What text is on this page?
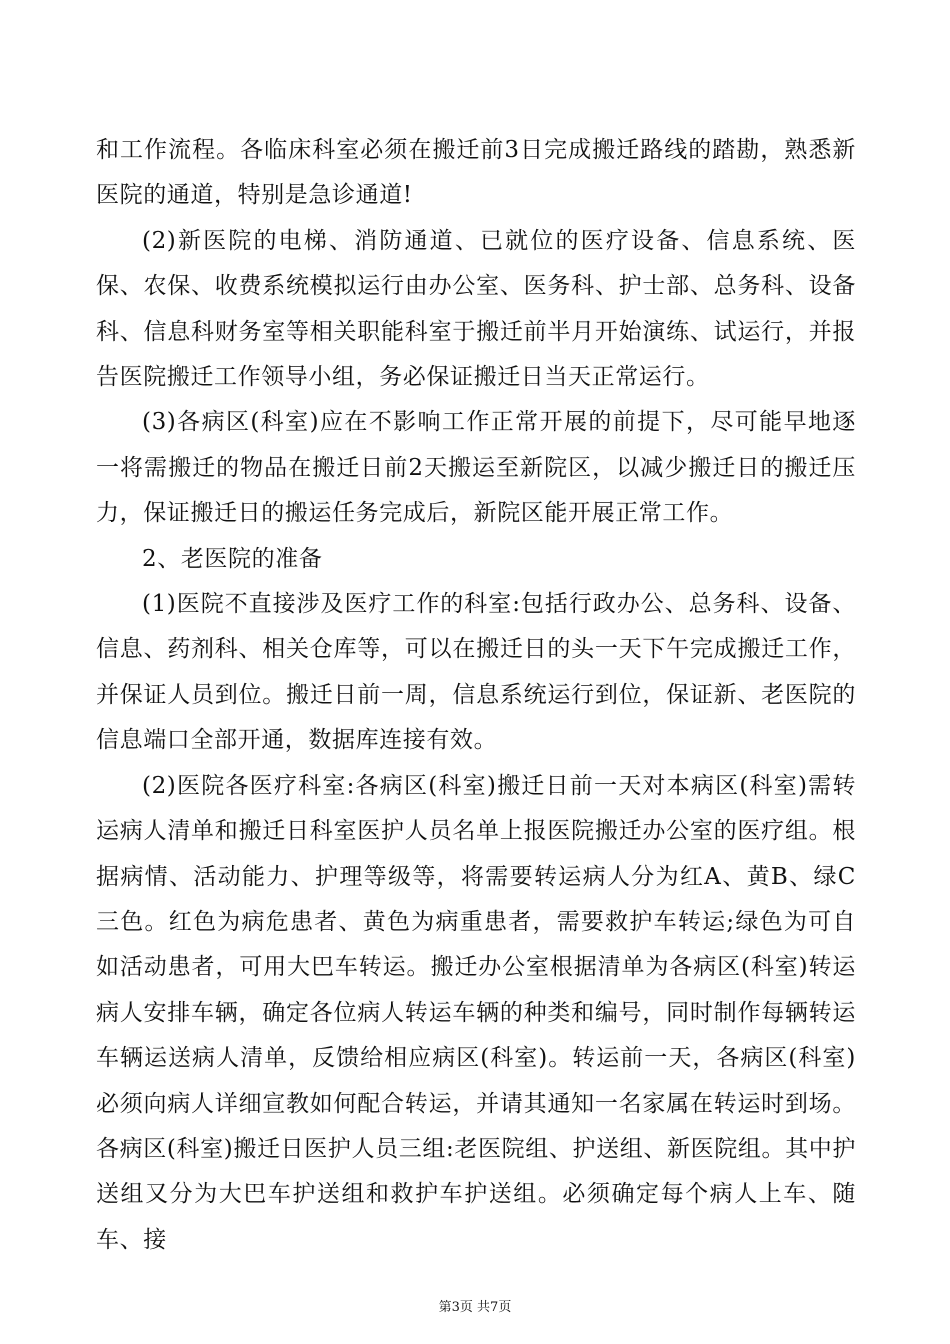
和工作流程。各临床科室必须在搬迁前3日完成搬迁路线的踏勘，熟悉新医院的通道，特别是急诊通道!

(2)新医院的电梯、消防通道、已就位的医疗设备、信息系统、医保、农保、收费系统模拟运行由办公室、医务科、护士部、总务科、设备科、信息科财务室等相关职能科室于搬迁前半月开始演练、试运行，并报告医院搬迁工作领导小组，务必保证搬迁日当天正常运行。

(3)各病区(科室)应在不影响工作正常开展的前提下，尽可能早地逐一将需搬迁的物品在搬迁日前2天搬运至新院区，以减少搬迁日的搬迁压力，保证搬迁日的搬运任务完成后，新院区能开展正常工作。

2、老医院的准备

(1)医院不直接涉及医疗工作的科室:包括行政办公、总务科、设备、信息、药剂科、相关仓库等，可以在搬迁日的头一天下午完成搬迁工作，并保证人员到位。搬迁日前一周，信息系统运行到位，保证新、老医院的信息端口全部开通，数据库连接有效。

(2)医院各医疗科室:各病区(科室)搬迁日前一天对本病区(科室)需转运病人清单和搬迁日科室医护人员名单上报医院搬迁办公室的医疗组。根据病情、活动能力、护理等级等，将需要转运病人分为红A、黄B、绿C三色。红色为病危患者、黄色为病重患者，需要救护车转运;绿色为可自如活动患者，可用大巴车转运。搬迁办公室根据清单为各病区(科室)转运病人安排车辆，确定各位病人转运车辆的种类和编号，同时制作每辆转运车辆运送病人清单，反馈给相应病区(科室)。转运前一天，各病区(科室)必须向病人详细宣教如何配合转运，并请其通知一名家属在转运时到场。各病区(科室)搬迁日医护人员三组:老医院组、护送组、新医院组。其中护送组又分为大巴车护送组和救护车护送组。必须确定每个病人上车、随车、接

第3页 共7页
